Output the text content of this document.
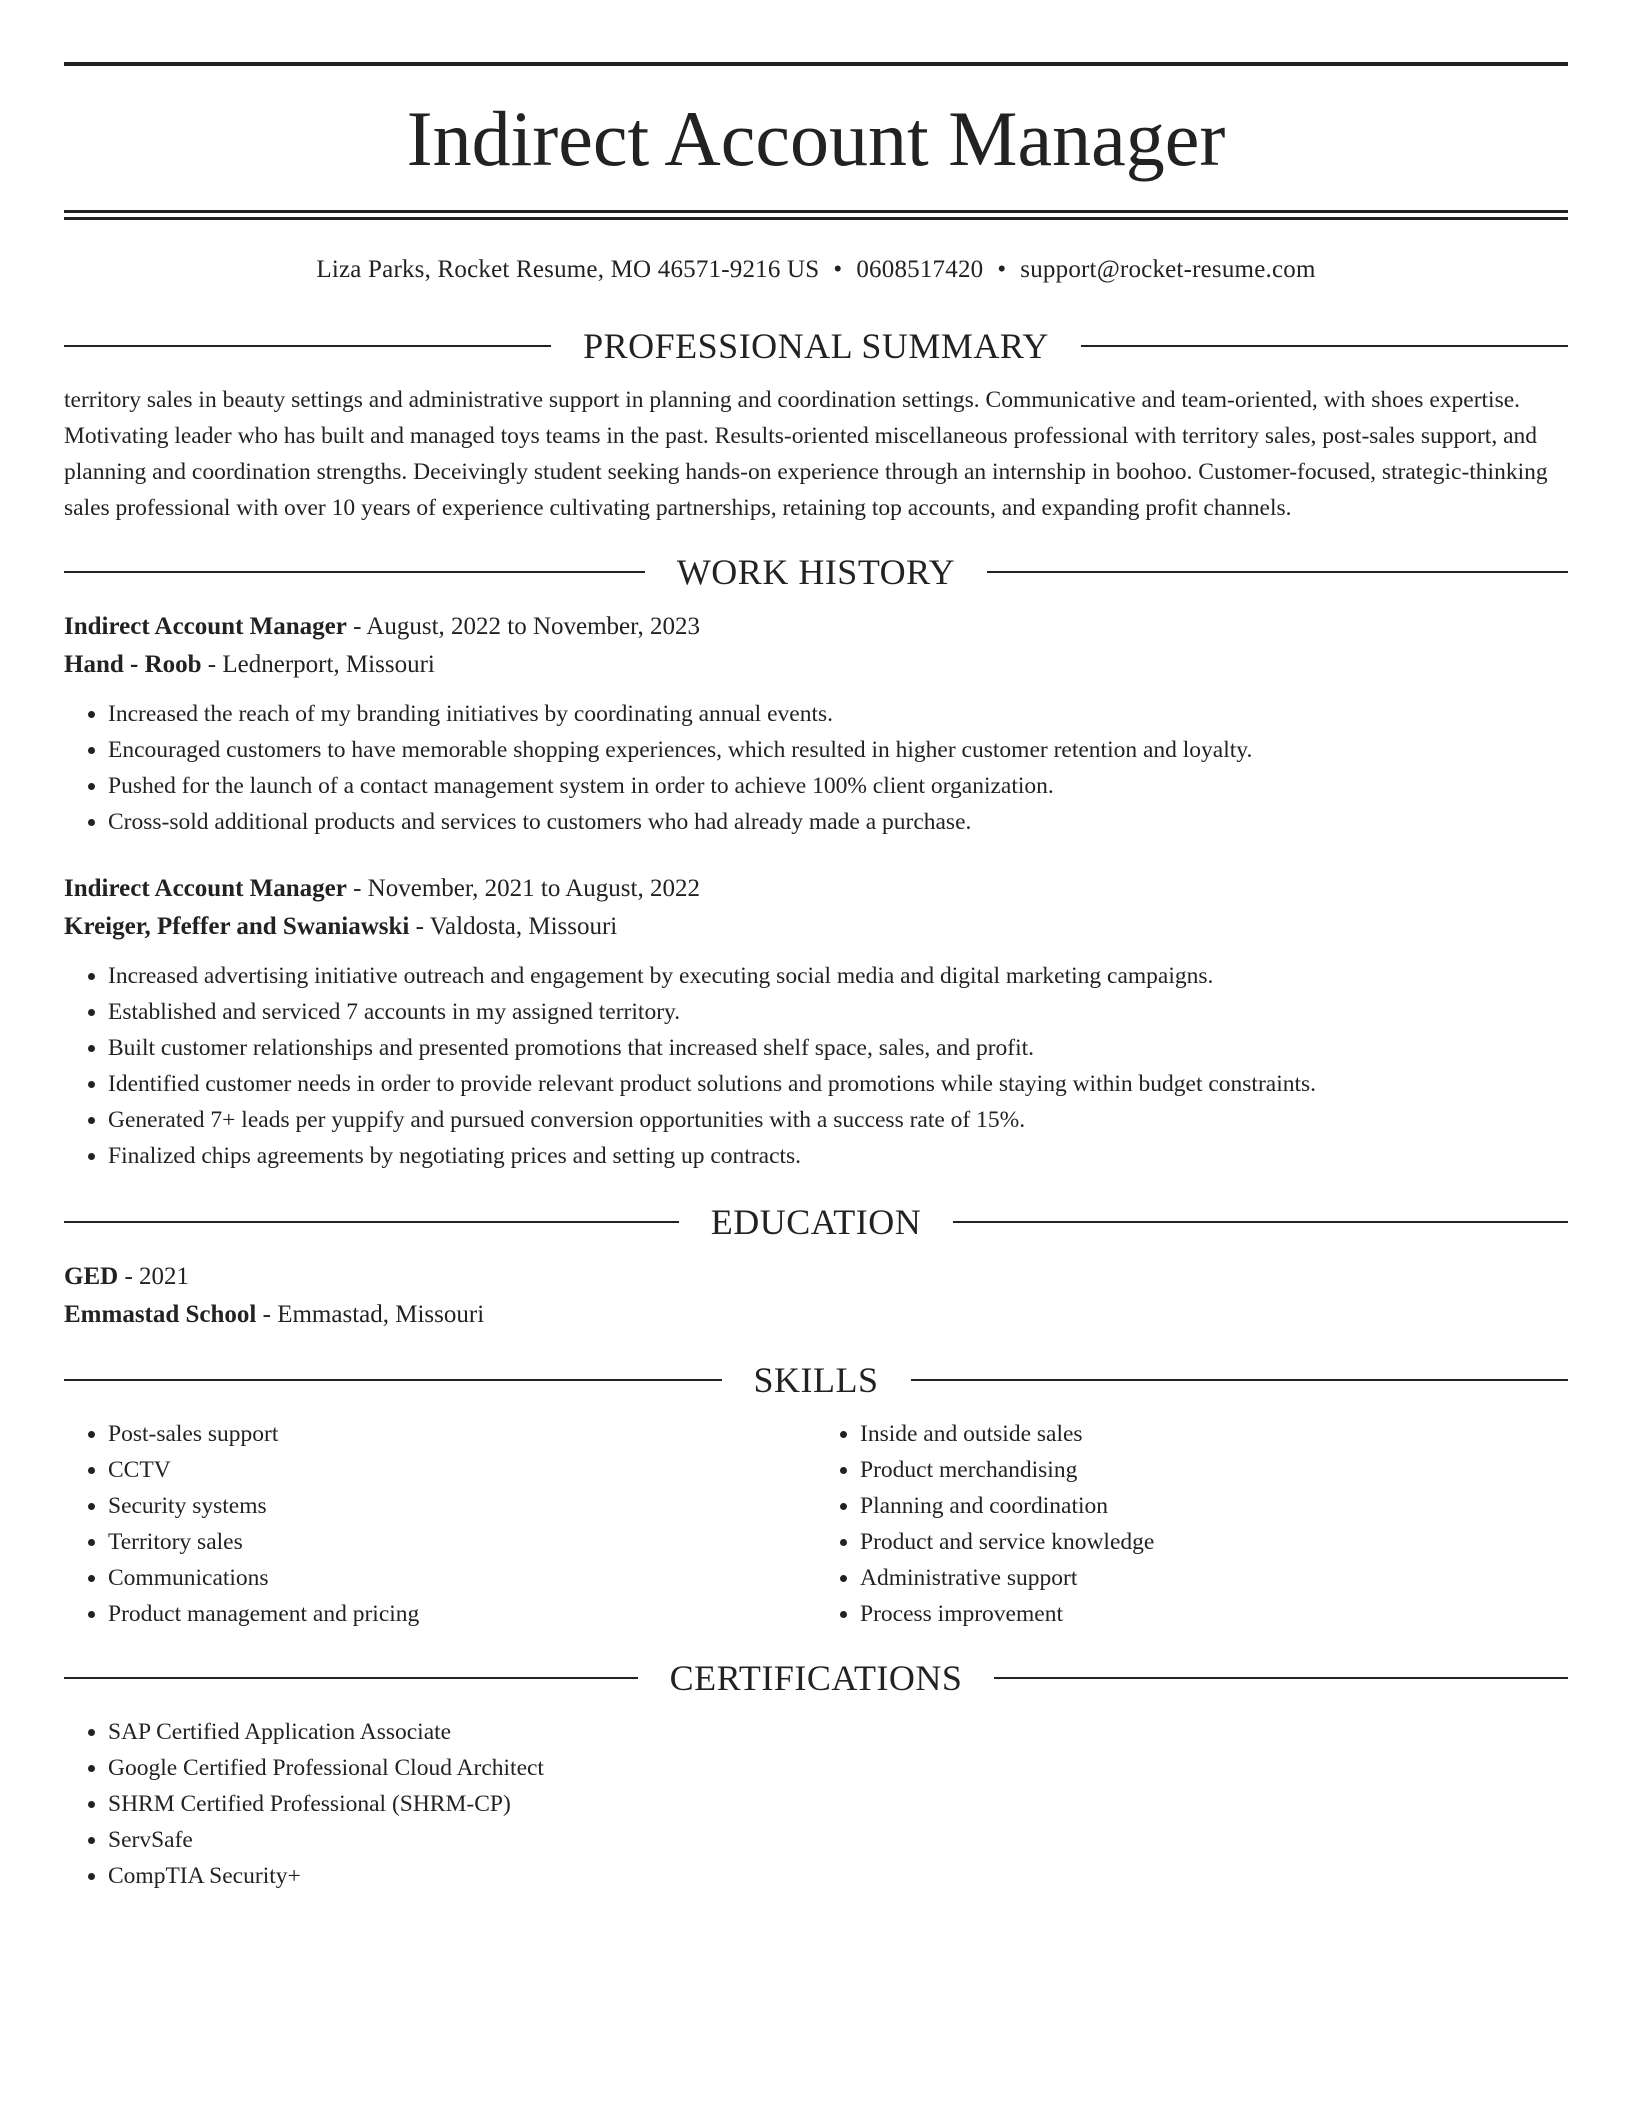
Indirect Account Manager
Liza Parks, Rocket Resume, MO 46571-9216 US • 0608517420 • support@rocket-resume.com
PROFESSIONAL SUMMARY

territory sales in beauty settings and administrative support in planning and coordination settings. Communicative and team-oriented, with shoes expertise. Motivating leader who has built and managed toys teams in the past. Results-oriented miscellaneous professional with territory sales, post-sales support, and planning and coordination strengths. Deceivingly student seeking hands-on experience through an internship in boohoo. Customer-focused, strategic-thinking sales professional with over 10 years of experience cultivating partnerships, retaining top accounts, and expanding profit channels.

WORK HISTORY
Indirect Account Manager - August, 2022 to November, 2023
Hand - Roob - Lednerport, Missouri
• Increased the reach of my branding initiatives by coordinating annual events.
• Encouraged customers to have memorable shopping experiences, which resulted in higher customer retention and loyalty.
• Pushed for the launch of a contact management system in order to achieve 100% client organization.
• Cross-sold additional products and services to customers who had already made a purchase.
Indirect Account Manager - November, 2021 to August, 2022
Kreiger, Pfeffer and Swaniawski - Valdosta, Missouri
• Increased advertising initiative outreach and engagement by executing social media and digital marketing campaigns.
• Established and serviced 7 accounts in my assigned territory.
• Built customer relationships and presented promotions that increased shelf space, sales, and profit.
• Identified customer needs in order to provide relevant product solutions and promotions while staying within budget constraints.
• Generated 7+ leads per yuppify and pursued conversion opportunities with a success rate of 15%.
• Finalized chips agreements by negotiating prices and setting up contracts.
EDUCATION
GED - 2021
Emmastad School - Emmastad, Missouri
SKILLS
• Post-sales support
• CCTV
• Security systems
• Territory sales
• Communications
• Product management and pricing
• Inside and outside sales
• Product merchandising
• Planning and coordination
• Product and service knowledge
• Administrative support
• Process improvement
CERTIFICATIONS
• SAP Certified Application Associate
• Google Certified Professional Cloud Architect
• SHRM Certified Professional (SHRM-CP)
• ServSafe
• CompTIA Security+
